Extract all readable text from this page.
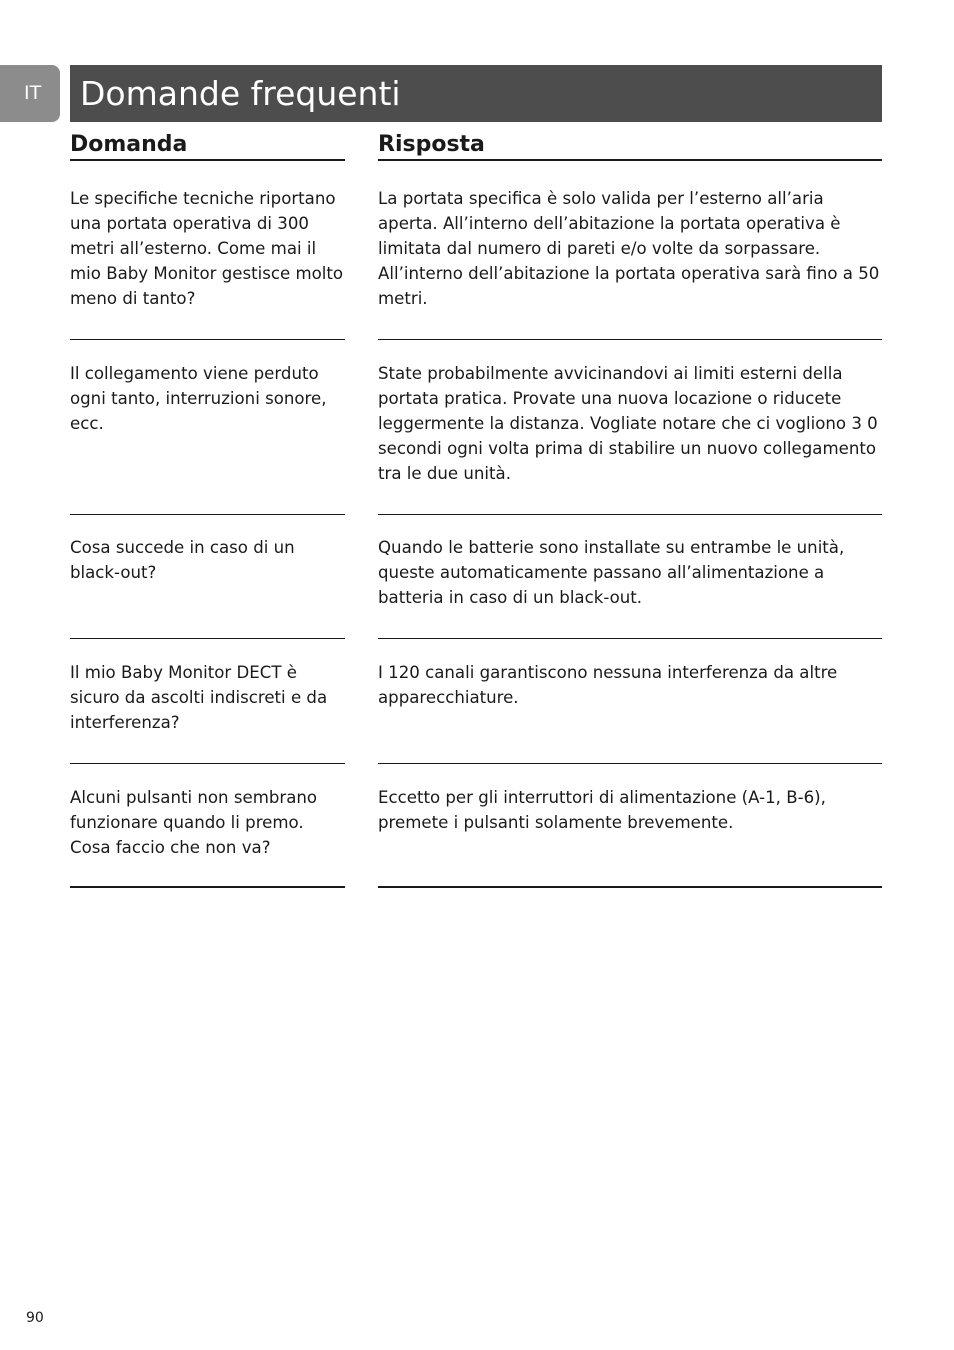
IT	Domande frequenti
Domanda	Risposta
Le specifiche tecniche riportano una portata operativa di 300 metri all’esterno. Come mai il mio Baby Monitor gestisce molto meno di tanto?
La portata specifica è solo valida per l’esterno all’aria aperta. All’interno dell’abitazione la portata operativa è limitata dal numero di pareti e/o volte da sorpassare. All’interno dell’abitazione la portata operativa sarà fino a 50 metri.
Il collegamento viene perduto ogni tanto, interruzioni sonore, ecc.
State probabilmente avvicinandovi ai limiti esterni della portata pratica. Provate una nuova locazione o riducete leggermente la distanza. Vogliate notare che ci vogliono 3 0 secondi ogni volta prima di stabilire un nuovo collegamento tra le due unità.
Cosa succede in caso di un black-out?
Quando le batterie sono installate su entrambe le unità, queste automaticamente passano all’alimentazione a batteria in caso di un black-out.
Il mio Baby Monitor DECT è sicuro da ascolti indiscreti e da interferenza?
I 120 canali garantiscono nessuna interferenza da altre apparecchiature.
Alcuni pulsanti non sembrano funzionare quando li premo. Cosa faccio che non va?
Eccetto per gli interruttori di alimentazione (A-1, B-6), premete i pulsanti solamente brevemente.
90
